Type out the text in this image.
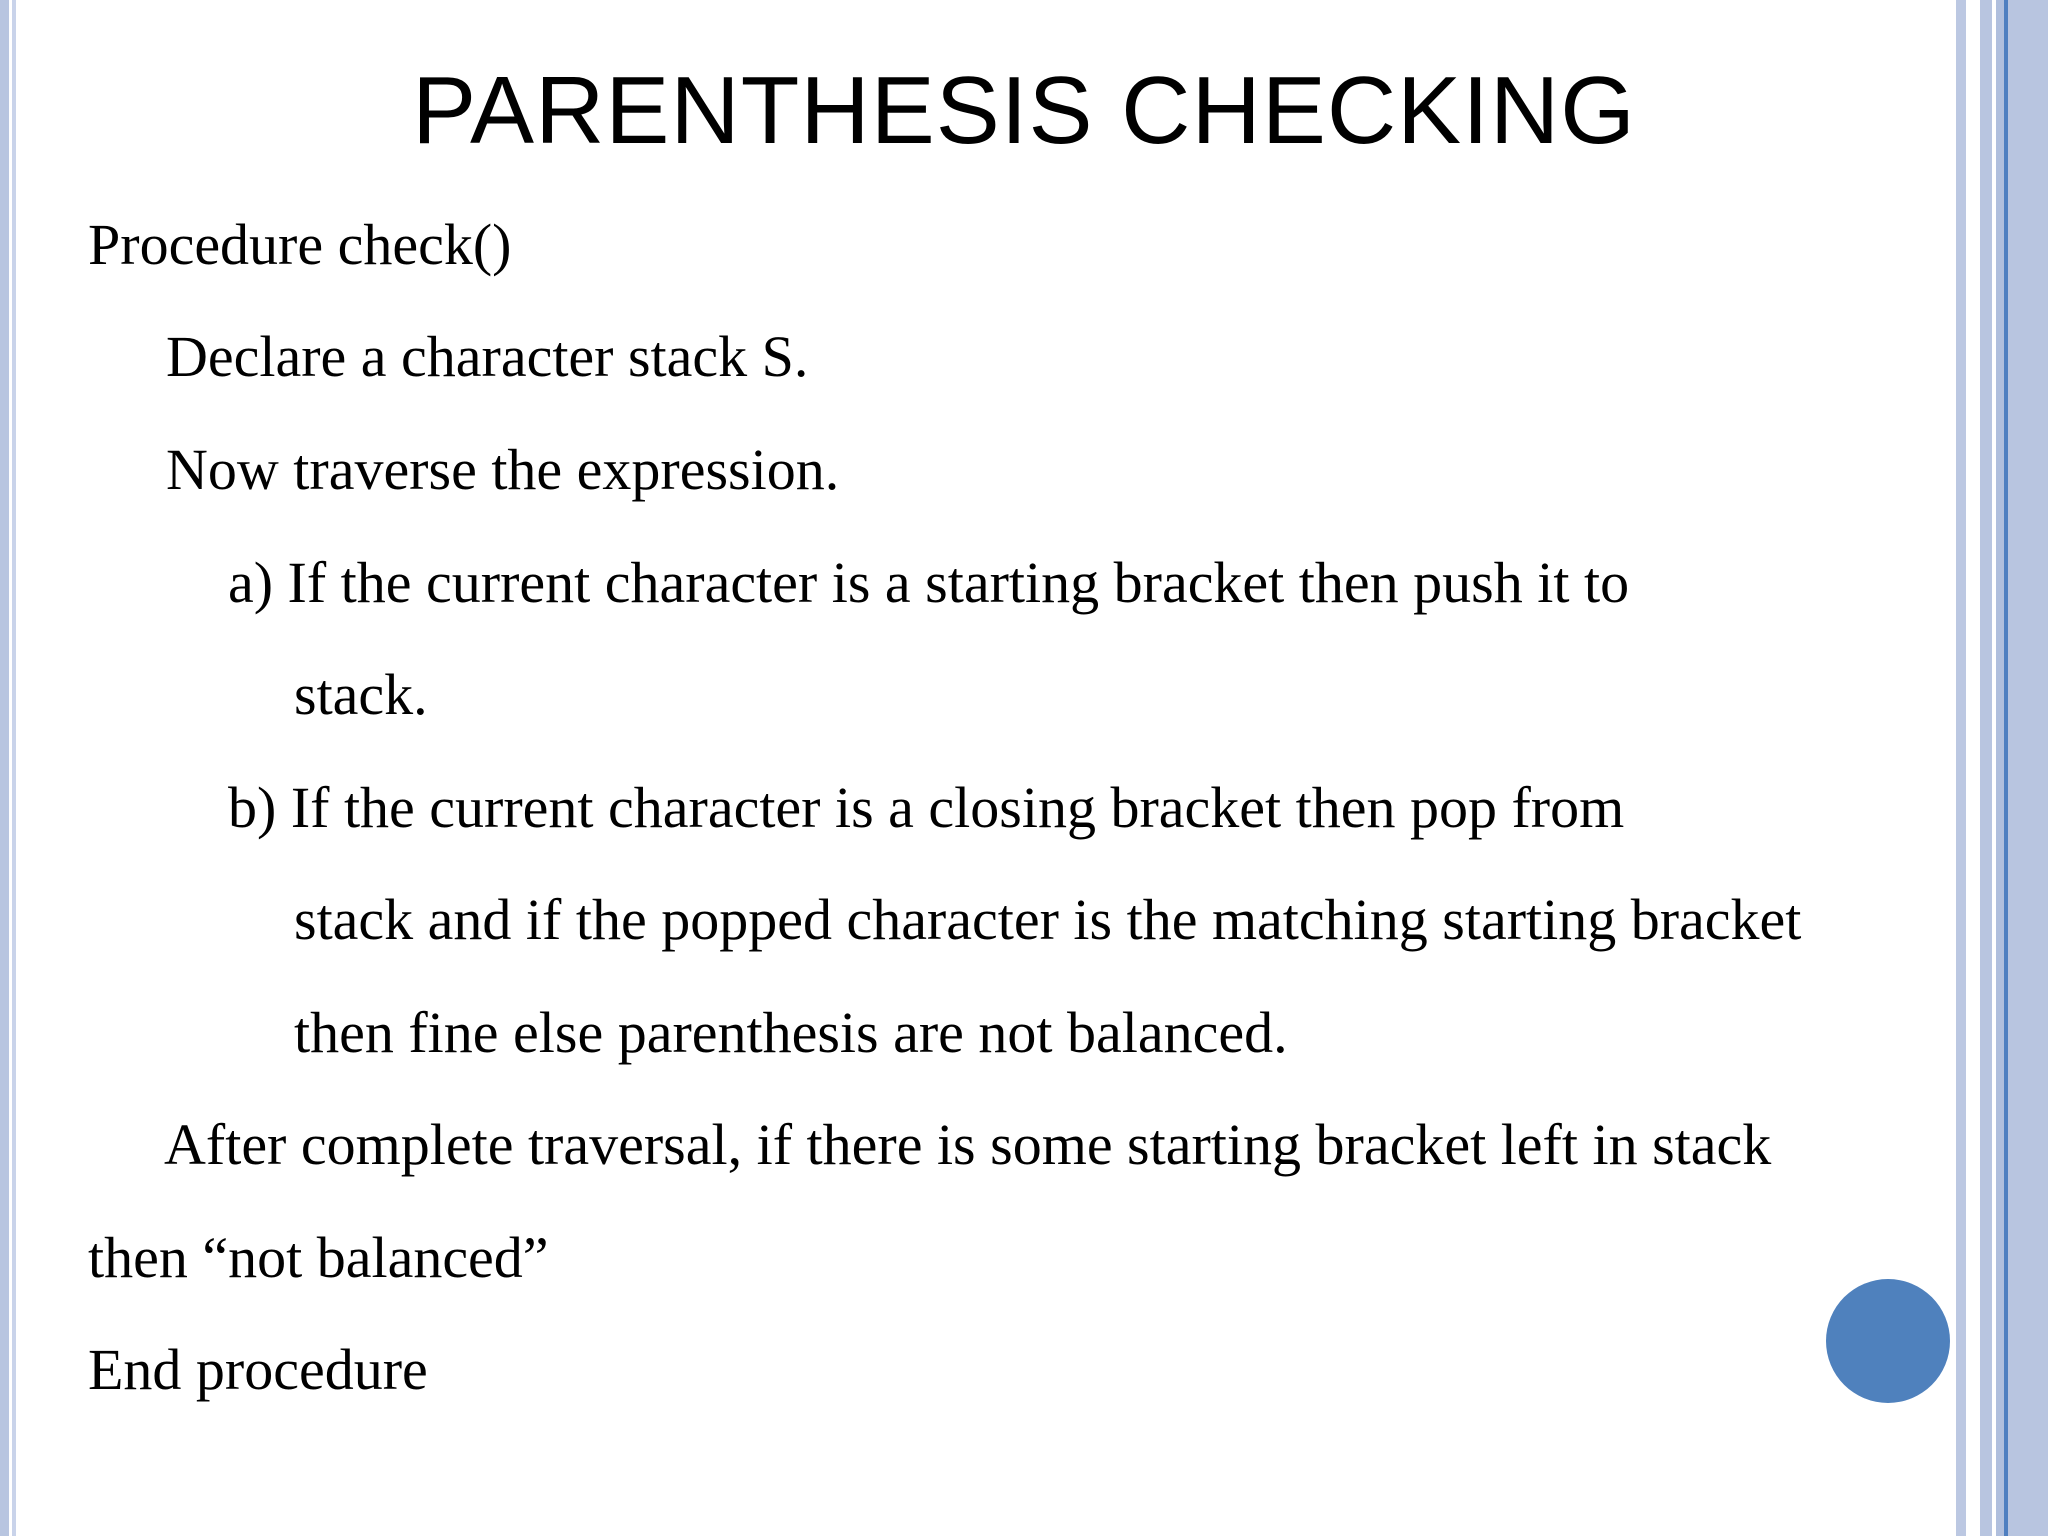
PARENTHESIS CHECKING
Procedure check()
Declare a character stack S.
Now traverse the expression.
a) If the current character is a starting bracket then push it to
stack.
b) If the current character is a closing bracket then pop from
stack and if the popped character is the matching starting bracket
then fine else parenthesis are not balanced.
After complete traversal, if there is some starting bracket left in stack
then “not balanced”
End procedure
